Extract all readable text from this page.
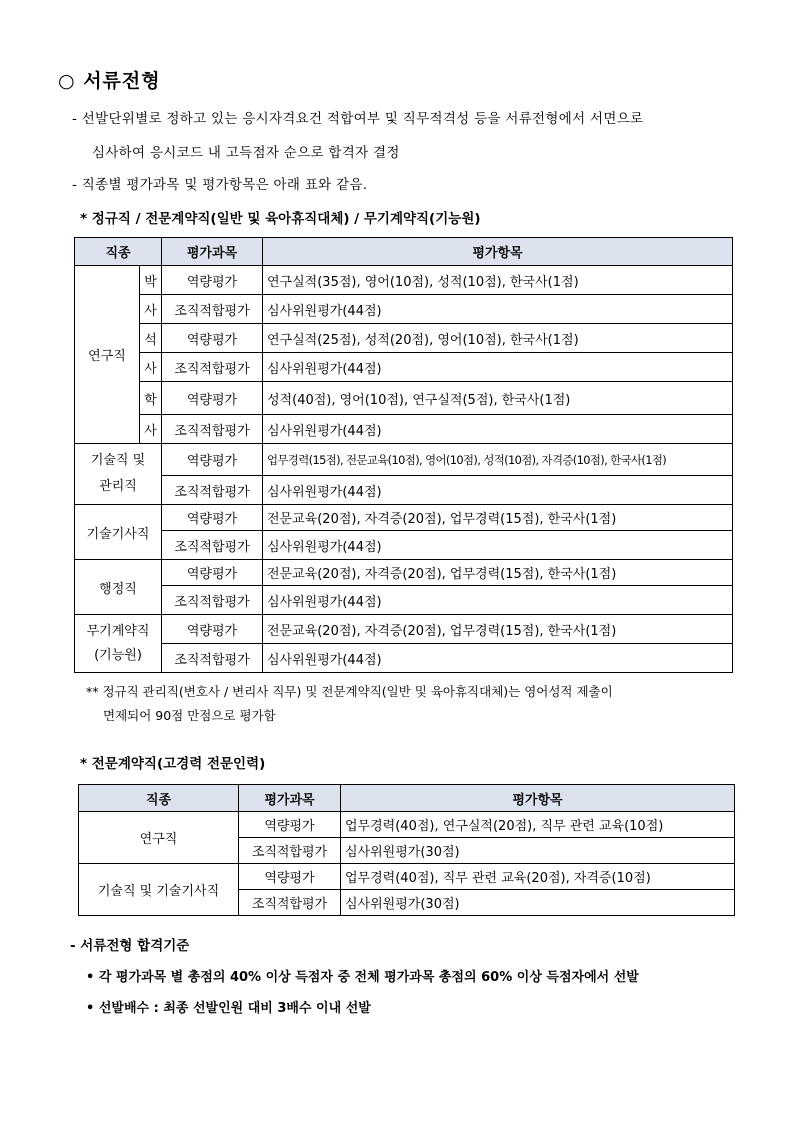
○ 서류전형
- 선발단위별로 정하고 있는 응시자격요건 적합여부 및 직무적격성 등을 서류전형에서 서면으로
심사하여 응시코드 내 고득점자 순으로 합격자 결정
- 직종별 평가과목 및 평가항목은 아래 표와 같음.
* 정규직 / 전문계약직(일반 및 육아휴직대체) / 무기계약직(기능원)
직종		평가과목	평가항목
연구직	박	역량평가	연구실적(35점), 영어(10점), 성적(10점), 한국사(1점)
	사	조직적합평가	심사위원평가(44점)
	석	역량평가	연구실적(25점), 성적(20점), 영어(10점), 한국사(1점)
	사	조직적합평가	심사위원평가(44점)
	학	역량평가	성적(40점), 영어(10점), 연구실적(5점), 한국사(1점)
	사	조직적합평가	심사위원평가(44점)
기술직 및
관리직		역량평가	업무경력(15점), 전문교육(10점), 영어(10점), 성적(10점), 자격증(10점), 한국사(1점)
		조직적합평가	심사위원평가(44점)
기술기사직		역량평가	전문교육(20점), 자격증(20점), 업무경력(15점), 한국사(1점)
		조직적합평가	심사위원평가(44점)
행정직		역량평가	전문교육(20점), 자격증(20점), 업무경력(15점), 한국사(1점)
		조직적합평가	심사위원평가(44점)
무기계약직
(기능원)		역량평가	전문교육(20점), 자격증(20점), 업무경력(15점), 한국사(1점)
		조직적합평가	심사위원평가(44점)
** 정규직 관리직(변호사 / 변리사 직무) 및 전문계약직(일반 및 육아휴직대체)는 영어성적 제출이
면제되어 90점 만점으로 평가함
* 전문계약직(고경력 전문인력)
직종	평가과목	평가항목
연구직	역량평가	업무경력(40점), 연구실적(20점), 직무 관련 교육(10점)
	조직적합평가	심사위원평가(30점)
기술직 및 기술기사직	역량평가	업무경력(40점), 직무 관련 교육(20점), 자격증(10점)
	조직적합평가	심사위원평가(30점)
- 서류전형 합격기준
• 각 평가과목 별 총점의 40% 이상 득점자 중 전체 평가과목 총점의 60% 이상 득점자에서 선발
• 선발배수 : 최종 선발인원 대비 3배수 이내 선발
